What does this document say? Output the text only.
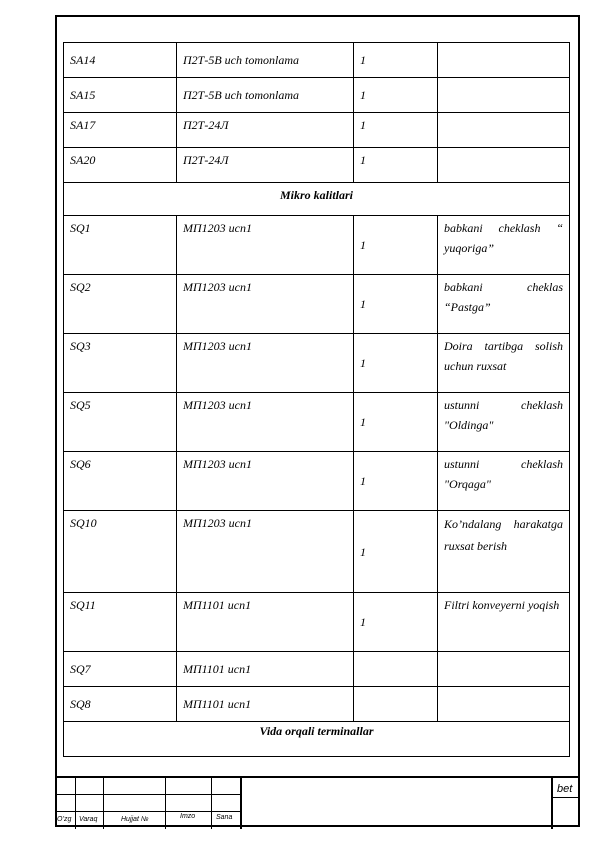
SA14	П2Т-5В uch tomonlama	1	
SA15	П2Т-5В uch tomonlama	1	
SA17	П2Т-24Л	1	
SA20	П2Т-24Л	1	
Mikro kalitlari			
SQ1	МП1203 исп1	1	babkani cheklash “ yuqoriga”
SQ2	МП1203 исп1	1	babkani cheklas “Pastga”
SQ3	МП1203 исп1	1	Doira tartibga solish uchun ruxsat
SQ5	МП1203 исп1	1	ustunni cheklash "Oldinga"
SQ6	МП1203 исп1	1	ustunni cheklash "Orqaga"
SQ10	МП1203 исп1	1	Ko’ndalang harakatga ruxsat berish
SQ11	МП1101 исп1	1	Filtri konveyerni yoqish
SQ7	МП1101 исп1		
SQ8	МП1101 исп1		
Vida orqali terminallar			
O’zg Varaq	Hujjat №	Imzo	Sana
bet
